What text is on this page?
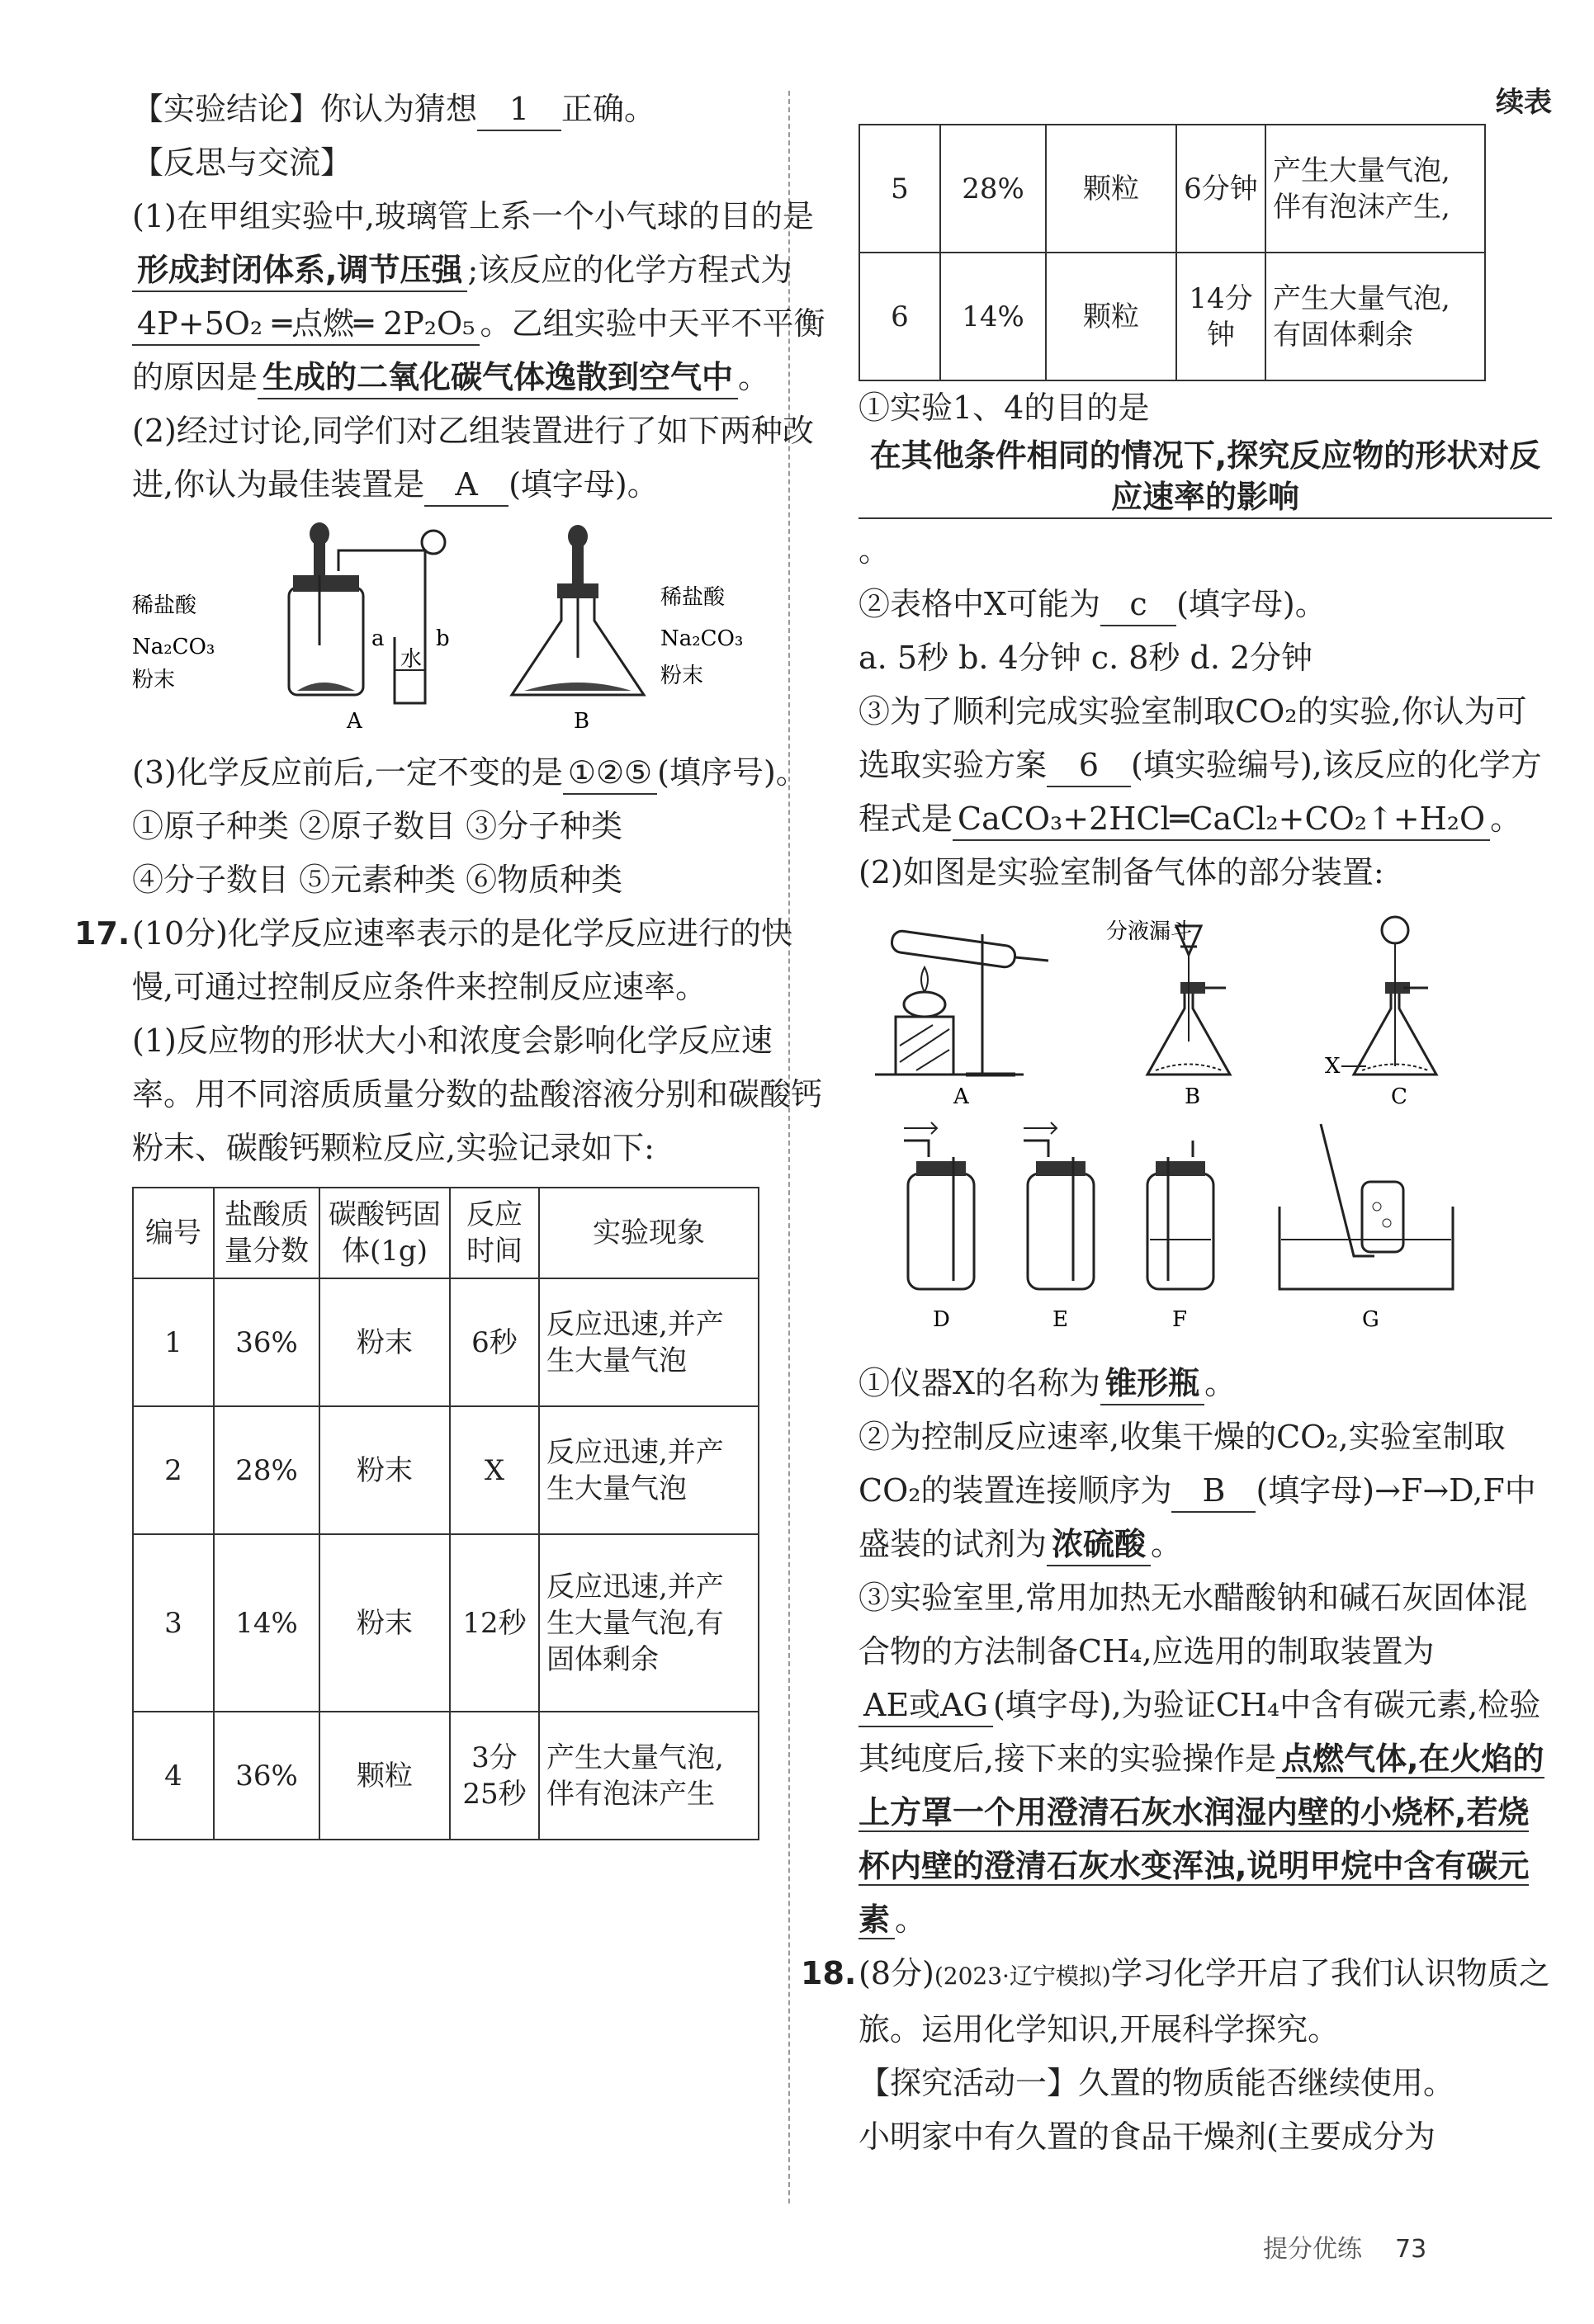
【实验结论】你认为猜想 1 正确。

【反思与交流】

(1)在甲组实验中,玻璃管上系一个小气球的目的是形成封闭体系,调节压强 ;该反应的化学方程式为4P+5O₂ ═点燃═ 2P₂O₅ 。乙组实验中天平不平衡的原因是 生成的二氧化碳气体逸散到空气中 。

(2)经过讨论,同学们对乙组装置进行了如下两种改进,你认为最佳装置是 A (填字母)。

稀盐酸
Na₂CO₃
粉末
a
水
b
A
稀盐酸
Na₂CO₃
粉末
B

(3)化学反应前后,一定不变的是 ①②⑤ (填序号)。

①原子种类 ②原子数目 ③分子种类

④分子数目 ⑤元素种类 ⑥物质种类

17. (10分)化学反应速率表示的是化学反应进行的快慢,可通过控制反应条件来控制反应速率。

(1)反应物的形状大小和浓度会影响化学反应速率。用不同溶质质量分数的盐酸溶液分别和碳酸钙粉末、碳酸钙颗粒反应,实验记录如下:

编号	盐酸质量分数	碳酸钙固体(1g)	反应时间	实验现象
1	36%	粉末	6秒	反应迅速,并产生大量气泡
2	28%	粉末	X	反应迅速,并产生大量气泡
3	14%	粉末	12秒	反应迅速,并产生大量气泡,有固体剩余
4	36%	颗粒	3分25秒	产生大量气泡,伴有泡沫产生
续表
5	28%	颗粒	6分钟	产生大量气泡,伴有泡沫产生,
6	14%	颗粒	14分钟	产生大量气泡,有固体剩余

①实验1、4的目的是在其他条件相同的情况下,探究反应物的形状对反应速率的影响。

②表格中X可能为 c (填字母)。

a. 5秒 b. 4分钟 c. 8秒 d. 2分钟

③为了顺利完成实验室制取CO₂的实验,你认为可选取实验方案 6 (填实验编号),该反应的化学方程式是 CaCO₃+2HCl═CaCl₂+CO₂↑+H₂O 。

(2)如图是实验室制备气体的部分装置:

A
分液漏斗
B
X
C
D	E	F	G

①仪器X的名称为 锥形瓶 。

②为控制反应速率,收集干燥的CO₂,实验室制取CO₂的装置连接顺序为 B (填字母)→F→D,F中盛装的试剂为 浓硫酸 。

③实验室里,常用加热无水醋酸钠和碱石灰固体混合物的方法制备CH₄,应选用的制取装置为AE或AG (填字母),为验证CH₄中含有碳元素,检验其纯度后,接下来的实验操作是 点燃气体,在火焰的上方罩一个用澄清石灰水润湿内壁的小烧杯,若烧杯内壁的澄清石灰水变浑浊,说明甲烷中含有碳元素 。

18. (8分)(2023·辽宁模拟)学习化学开启了我们认识物质之旅。运用化学知识,开展科学探究。

【探究活动一】久置的物质能否继续使用。

小明家中有久置的食品干燥剂(主要成分为

提分优练 73
